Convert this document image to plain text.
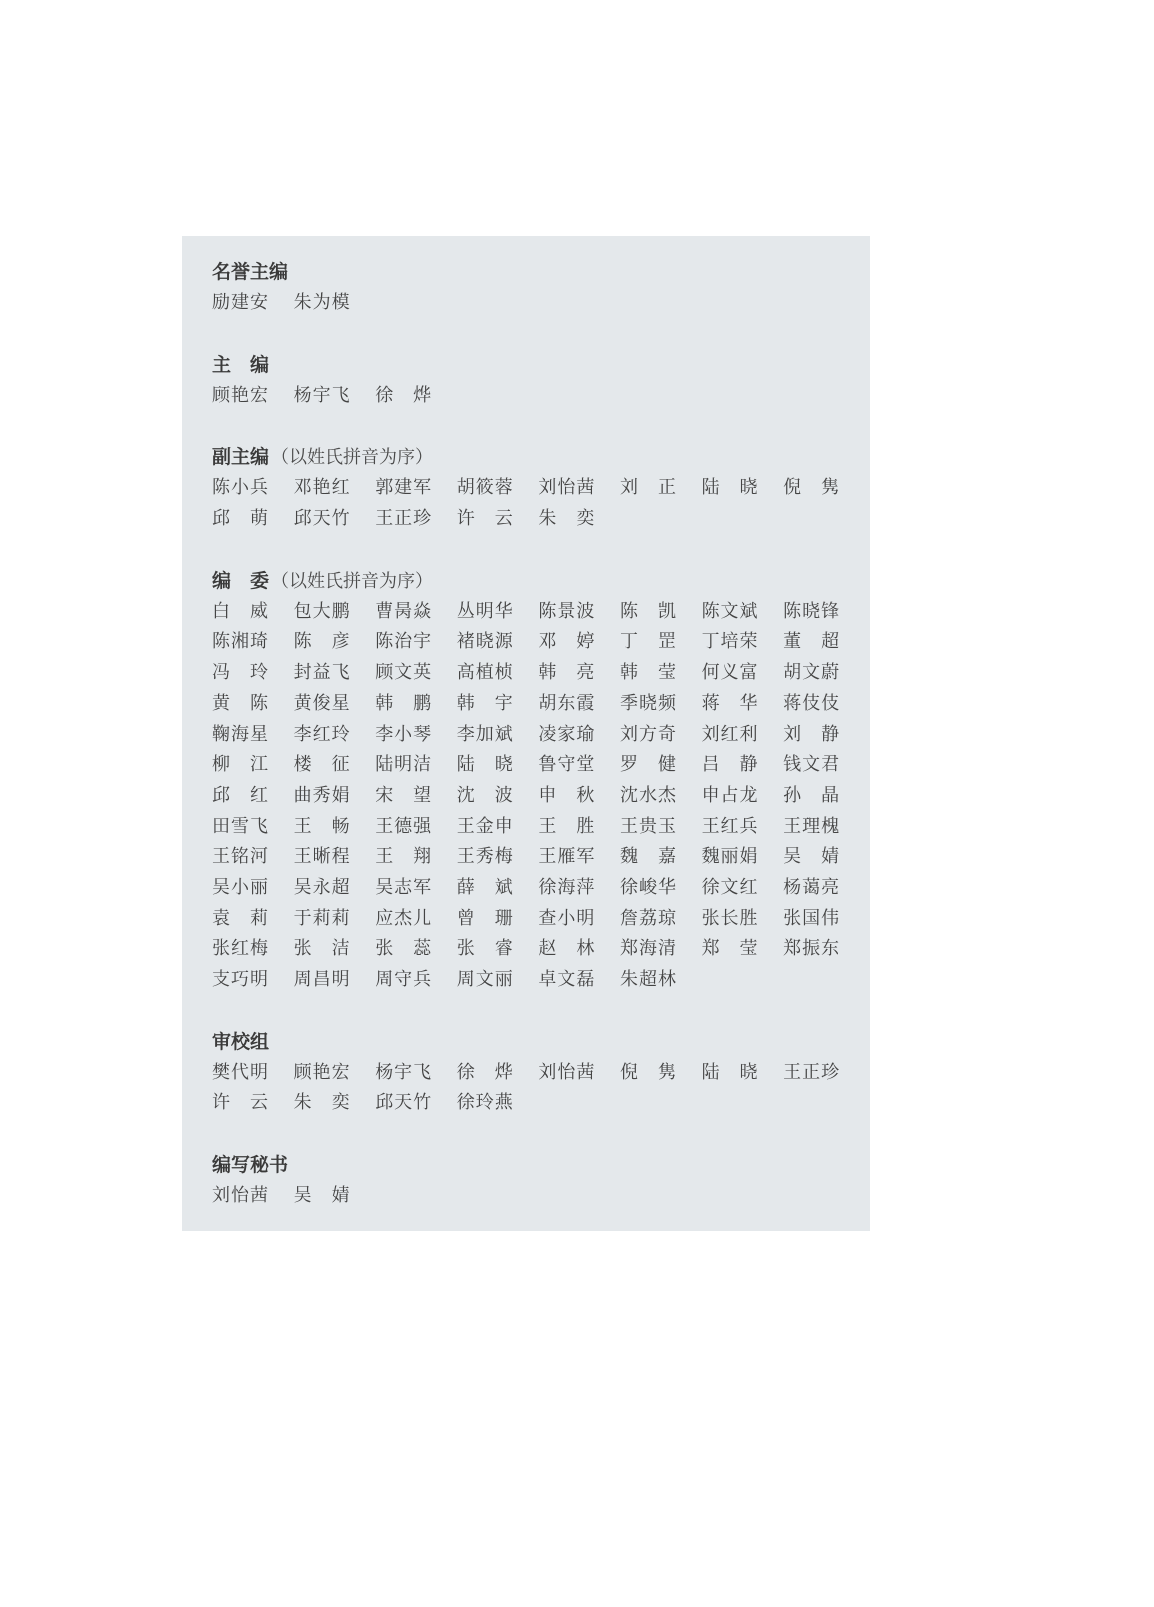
名誉主编
励建安	朱为模
主　编
顾艳宏	杨宇飞	徐　烨
副主编 （以姓氏拼音为序）
陈小兵	邓艳红	郭建军	胡筱蓉	刘怡茜	刘　正	陆　晓	倪　隽
邱　萌	邱天竹	王正珍	许　云	朱　奕
编　委 （以姓氏拼音为序）
白　威	包大鹏	曹昺焱	丛明华	陈景波	陈　凯	陈文斌	陈晓锋
陈湘琦	陈　彦	陈治宇	褚晓源	邓　婷	丁　罡	丁培荣	董　超
冯　玲	封益飞	顾文英	高植桢	韩　亮	韩　莹	何义富	胡文蔚
黄　陈	黄俊星	韩　鹏	韩　宇	胡东霞	季晓频	蒋　华	蒋伎伎
鞠海星	李红玲	李小琴	李加斌	凌家瑜	刘方奇	刘红利	刘　静
柳　江	楼　征	陆明洁	陆　晓	鲁守堂	罗　健	吕　静	钱文君
邱　红	曲秀娟	宋　望	沈　波	申　秋	沈水杰	申占龙	孙　晶
田雪飞	王　畅	王德强	王金申	王　胜	王贵玉	王红兵	王理槐
王铭河	王晰程	王　翔	王秀梅	王雁军	魏　嘉	魏丽娟	吴　婧
吴小丽	吴永超	吴志军	薛　斌	徐海萍	徐峻华	徐文红	杨蔼亮
袁　莉	于莉莉	应杰儿	曾　珊	查小明	詹荔琼	张长胜	张国伟
张红梅	张　洁	张　蕊	张　睿	赵　林	郑海清	郑　莹	郑振东
支巧明	周昌明	周守兵	周文丽	卓文磊	朱超林
审校组
樊代明	顾艳宏	杨宇飞	徐　烨	刘怡茜	倪　隽	陆　晓	王正珍
许　云	朱　奕	邱天竹	徐玲燕
编写秘书
刘怡茜	吴　婧
